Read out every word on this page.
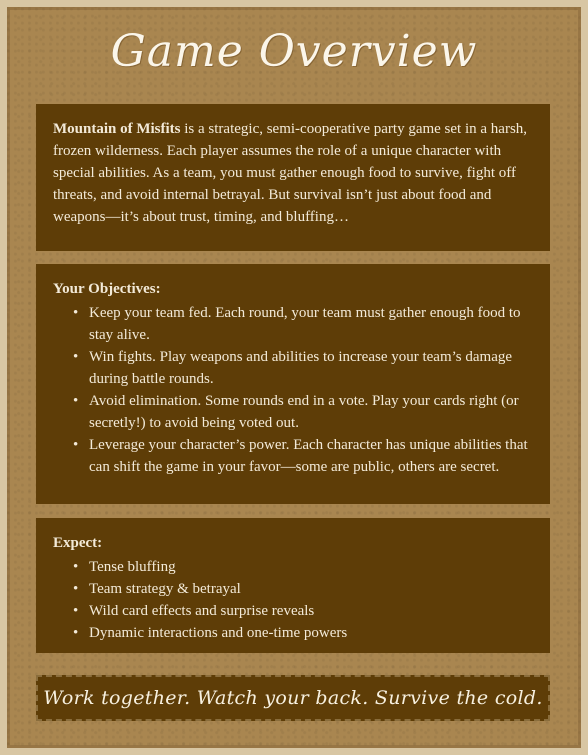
Game Overview

Mountain of Misfits is a strategic, semi-cooperative party game set in a harsh, frozen wilderness. Each player assumes the role of a unique character with special abilities. As a team, you must gather enough food to survive, fight off threats, and avoid internal betrayal. But survival isn’t just about food and weapons—it’s about trust, timing, and bluffing…

Your Objectives:

• Keep your team fed. Each round, your team must gather enough food to stay alive.
• Win fights. Play weapons and abilities to increase your team’s damage during battle rounds.
• Avoid elimination. Some rounds end in a vote. Play your cards right (or secretly!) to avoid being voted out.
• Leverage your character’s power. Each character has unique abilities that can shift the game in your favor—some are public, others are secret.

Expect:

• Tense bluffing
• Team strategy & betrayal
• Wild card effects and surprise reveals
• Dynamic interactions and one-time powers
Work together. Watch your back. Survive the cold.
